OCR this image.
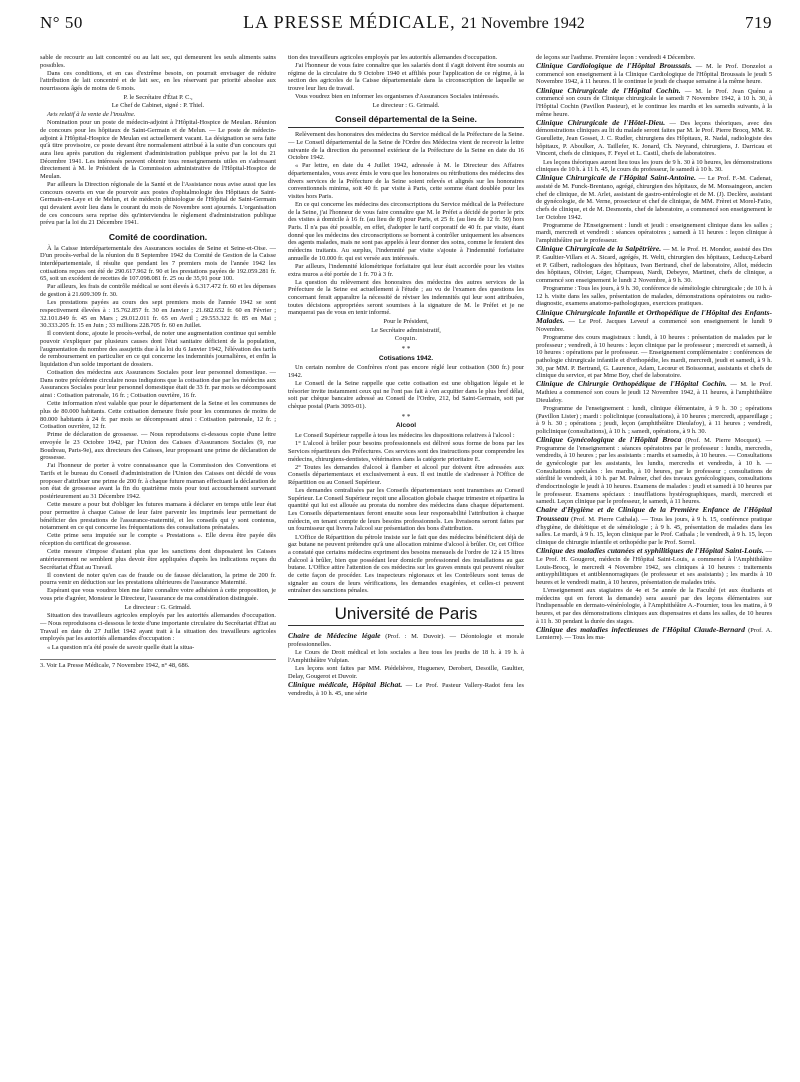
N° 50	LA PRESSE MÉDICALE, 21 Novembre 1942	719

sable de recourir au lait concentré ou au lait sec, qui demeurent les seuls aliments sains possibles.

Dans ces conditions, et en cas d'extrême besoin, on pourrait envisager de réduire l'attribution de lait concentré et de lait sec, en les réservant par priorité absolue aux nourrissons âgés de moins de 6 mois.

P. le Secrétaire d'État P. C.,

Le Chef de Cabinet, signé : P. Thiel.

Avis relatif à la vente de l'insuline.

Nomination pour un poste de médecin-adjoint à l'Hôpital-Hospice de Meulan. Réunion de concours pour les hôpitaux de Saint-Germain et de Melun. — Le poste de médecin-adjoint à l'Hôpital-Hospice de Meulan est actuellement vacant. La désignation se sera faite qu'à titre provisoire, ce poste devant être normalement attribué à la suite d'un concours qui aura lieu après parution du règlement d'administration publique prévu par la loi du 21 Décembre 1941. Les intéressés peuvent obtenir tous renseignements utiles en s'adressant directement à M. le Président de la Commission administrative de l'Hôpital-Hospice de Meulan.

Par ailleurs la Direction régionale de la Santé et de l'Assistance nous avise aussi que les concours ouverts en vue de pourvoir aux postes d'ophtalmologie des Hôpitaux de Saint-Germain-en-Laye et de Melun, et de médecin phtisiologue de l'Hôpital de Saint-Germain qui devaient avoir lieu dans le courant du mois de Novembre sont ajournés. L'organisation de ces concours sera reprise dès qu'interviendra le règlement d'administration publique prévu par la loi du 21 Décembre 1941.

Comité de coordination.

À la Caisse interdépartementale des Assurances sociales de Seine et Seine-et-Oise. — D'un procès-verbal de la réunion du 8 Septembre 1942 du Comité de Gestion de la Caisse interdépartementale, il résulte que pendant les 7 premiers mois de l'année 1942 les cotisations reçues ont été de 290.617.962 fr. 90 et les prestations payées de 192.059.281 fr. 65, soit un excédent de recettes de 107.098.081 fr. 25 ou de 35,91 pour 100.

Par ailleurs, les frais de contrôle médical se sont élevés à 6.317.472 fr. 60 et les dépenses de gestion à 21.609.309 fr. 30.

Les prestations payées au cours des sept premiers mois de l'année 1942 se sont respectivement élevées à : 15.762.857 fr. 30 en Janvier ; 21.682.652 fr. 60 en Février ; 32.101.849 fr. 45 en Mars ; 29.012.011 fr. 65 en Avril ; 29.553.322 fr. 85 en Mai ; 30.333.205 fr. 15 en Juin ; 33 millions 228.705 fr. 60 en Juillet.

Il convient donc, ajoute le procès-verbal, de noter une augmentation continue qui semble pouvoir s'expliquer par plusieurs causes dont l'état sanitaire déficient de la population, l'augmentation du nombre des assujettis due à la loi du 6 Janvier 1942, l'élévation des tarifs de remboursement en particulier en ce qui concerne les indemnités journalières, et enfin la liquidation d'un solde important de dossiers.

Cotisation des médecins aux Assurances Sociales pour leur personnel domestique. — Dans notre précédente circulaire nous indiquions que la cotisation due par les médecins aux Assurances Sociales pour leur personnel domestique était de 33 fr. par mois se décomposant ainsi : Cotisation patronale, 16 fr. ; Cotisation ouvrière, 16 fr.

Cette information n'est valable que pour le département de la Seine et les communes de plus de 80.000 habitants. Cette cotisation demeure fixée pour les communes de moins de 80.000 habitants à 24 fr. par mois se décomposant ainsi : Cotisation patronale, 12 fr. ; Cotisation ouvrière, 12 fr.

Prime de déclaration de grossesse. — Nous reproduisons ci-dessous copie d'une lettre envoyée le 23 Octobre 1942, par l'Union des Caisses d'Assurances Sociales (9, rue Boudreau, Paris-9e), aux directeurs des Caisses, leur proposant une prime de déclaration de grossesse.

J'ai l'honneur de porter à votre connaissance que la Commission des Conventions et Tarifs et le bureau du Conseil d'administration de l'Union des Caisses ont décidé de vous proposer d'attribuer une prime de 200 fr. à chaque future maman effectuant la déclaration de son état de grossesse avant la fin du quatrième mois pour tout accouchement survenant postérieurement au 31 Décembre 1942.

Cette mesure a pour but d'obliger les futures mamans à déclarer en temps utile leur état pour permettre à chaque Caisse de leur faire parvenir les imprimés leur permettant de bénéficier des prestations de l'assurance-maternité, et les conseils qui y sont contenus, notamment en ce qui concerne les fréquentations des consultations prénatales.

Cette prime sera imputée sur le compte « Prestations ». Elle devra être payée dès réception du certificat de grossesse.

Cette mesure s'impose d'autant plus que les sanctions dont disposaient les Caisses antérieurement ne semblent plus devoir être appliquées d'après les indications reçues du Secrétariat d'État au Travail.

Il convient de noter qu'en cas de fraude ou de fausse déclaration, la prime de 200 fr. pourra venir en déduction sur les prestations ultérieures de l'assurance Maternité.

Espérant que vous voudrez bien me faire connaître votre adhésion à cette proposition, je vous prie d'agréer, Monsieur le Directeur, l'assurance de ma considération distinguée.

Le directeur : G. Grimald.

Situation des travailleurs agricoles employés par les autorités allemandes d'occupation. — Nous reproduisons ci-dessous le texte d'une importante circulaire du Secrétariat d'État au Travail en date du 27 Juillet 1942 ayant trait à la situation des travailleurs agricoles employés par les autorités allemandes d'occupation :

« La question m'a été posée de savoir quelle était la situa-

3. Voir La Presse Médicale, 7 Novembre 1942, n° 48, 686.

tion des travailleurs agricoles employés par les autorités allemandes d'occupation.

J'ai l'honneur de vous faire connaître que les salariés dont il s'agit doivent être soumis au régime de la circulaire du 9 Octobre 1940 et affiliés pour l'application de ce régime, à la section des agricoles de la Caisse départementale dans la circonscription de laquelle se trouve leur lieu de travail.

Vous voudrez bien en informer les organismes d'Assurances Sociales intéressés.

Le directeur : G. Grimald.

Conseil départemental de la Seine.

Relèvement des honoraires des médecins du Service médical de la Préfecture de la Seine. — Le Conseil départemental de la Seine de l'Ordre des Médecins vient de recevoir la lettre suivante de la direction du personnel extérieur de la Préfecture de la Seine en date du 16 Octobre 1942.

« Par lettre, en date du 4 Juillet 1942, adressée à M. le Directeur des Affaires départementales, vous avez émis le vœu que les honoraires ou rétributions des médecins des divers services de la Préfecture de la Seine soient relevés et alignés sur les honoraires conventionnels minima, soit 40 fr. par visite à Paris, cette somme étant doublée pour les visites hors Paris.

En ce qui concerne les médecins des circonscriptions du Service médical de la Préfecture de la Seine, j'ai l'honneur de vous faire connaître que M. le Préfet a décidé de porter le prix des visites à domicile à 16 fr. (au lieu de 8) pour Paris, et 25 fr. (au lieu de 12 fr. 50) hors Paris. Il n'a pas été possible, en effet, d'adopter le tarif corporatif de 40 fr. par visite, étant donné que les médecins des circonscriptions se bornent à contrôler uniquement les absences des agents malades, mais ne sont pas appelés à leur donner des soins, comme le feraient des médecins traitants. Au surplus, l'indemnité par visite s'ajoute à l'indemnité forfaitaire annuelle de 10.000 fr. qui est versée aux intéressés.

Par ailleurs, l'indemnité kilométrique forfaitaire qui leur était accordée pour les visites extra muros a été portée de 1 fr. 70 à 3 fr.

La question du relèvement des honoraires des médecins des autres services de la Préfecture de la Seine est actuellement à l'étude ; au vu de l'examen des questions les concernant ferait apparaître la nécessité de réviser les indemnités qui leur sont attribuées, toutes décisions appropriées seront soumises à la signature de M. le Préfet et je ne manquerai pas de vous en tenir informé.

Pour le Président,

Le Secrétaire administratif,

Coquin.

* *

Cotisations 1942.

Un certain nombre de Confrères n'ont pas encore réglé leur cotisation (300 fr.) pour 1942.

Le Conseil de la Seine rappelle que cette cotisation est une obligation légale et le trésorier invite instamment ceux qui ne l'ont pas fait à s'en acquitter dans le plus bref délai, soit par chèque bancaire adressé au Conseil de l'Ordre, 212, bd Saint-Germain, soit par chèque postal (Paris 3093-01).

* *

Alcool

Le Conseil Supérieur rappelle à tous les médecins les dispositions relatives à l'alcool :

1° L'alcool à brûler pour besoins professionnels est délivré sous forme de bons par les Services répartiteurs des Préfectures. Ces services sont des instructions pour comprendre les médecins, chirurgiens-dentistes, vétérinaires dans la catégorie prioritaire E.

2° Toutes les demandes d'alcool à flamber et alcool pur doivent être adressées aux Conseils départementaux et exclusivement à eux. Il est inutile de s'adresser à l'Office de Répartition ou au Conseil Supérieur.

Les demandes centralisées par les Conseils départementaux sont transmises au Conseil Supérieur. Le Conseil Supérieur reçoit une allocation globale chaque trimestre et répartira la quantité qui lui est allouée au prorata du nombre des médecins dans chaque département. Les Conseils départementaux feront ensuite sous leur responsabilité l'attribution à chaque médecin, en tenant compte de leurs besoins professionnels. Les livraisons seront faites par un fournisseur qui livrera l'alcool sur présentation des bons d'attribution.

L'Office de Répartition du pétrole insiste sur le fait que des médecins bénéficient déjà de gaz butane ne peuvent prétendre qu'à une allocation minime d'alcool à brûler. Or, cet Office a constaté que certains médecins expriment des besoins mensuels de l'ordre de 12 à 15 litres d'alcool à brûler, bien que possédant leur domicile professionnel des installations au gaz butane. L'Office attire l'attention de ces médecins sur les graves ennuis qui peuvent résulter de cette façon de procéder. Les inspecteurs régionaux et les Contrôleurs sont tenus de signaler au cours de leurs vérifications, les demandes exagérées, et celles-ci peuvent entraîner des sanctions pénales.

Université de Paris

Chaire de Médecine légale (Prof. : M. Duvoir). — Déontologie et morale professionnelles.

Le Cours de Droit médical et lois sociales a lieu tous les jeudis de 18 h. à 19 h. à l'Amphithéâtre Vulpian.

Les leçons sont faites par MM. Piédelièvre, Huguenev, Derobert, Desoille, Gaultier, Delay, Gougerot et Duvoir.

Clinique médicale, Hôpital Bichat. — Le Prof. Pasteur Vallery-Radot fera les vendredis, à 10 h. 45, une série

de leçons sur l'asthme. Première leçon : vendredi 4 Décembre.

Clinique Cardiologique de l'Hôpital Broussais. — M. le Prof. Donzelot a commencé son enseignement à la Clinique Cardiologique de l'Hôpital Broussais le jeudi 5 Novembre 1942, à 11 heures. Il le continue le jeudi de chaque semaine à la même heure.

Clinique Chirurgicale de l'Hôpital Cochin. — M. le Prof. Jean Quénu a commencé son cours de Clinique chirurgicale le samedi 7 Novembre 1942, à 10 h. 30, à l'Hôpital Cochin (Pavillon Pasteur), et le continue les mardis et les samedis suivants, à la même heure.

Clinique Chirurgicale de l'Hôtel-Dieu. — Des leçons théoriques, avec des démonstrations cliniques au lit du malade seront faites par M. le Prof. Pierre Brocq, MM. R. Gueullette, Jean Gosset, J. C. Rudler, chirurgiens des Hôpitaux, R. Nadal, radiologiste des hôpitaux, P. Aboulker, A. Taillefer, K. Jonard, Ch. Neyrand, chirurgiens, J. Darricau et Vincent, chefs de cliniques, F. Feyel et L. Castil, chefs de laboratoires.

Les leçons théoriques auront lieu tous les jours de 9 h. 30 à 10 heures, les démonstrations cliniques de 10 h. à 11 h. 45, le cours du professeur, le samedi à 10 h. 30.

Clinique Chirurgicale de l'Hôpital Saint-Antoine. — Le Prof. F.-M. Cadenat, assisté de M. Funck-Brentano, agrégé, chirurgien des hôpitaux, de M. Monsaingeon, ancien chef de clinique, de M. Arlet, assistant de gastro-entérologie et de M. (J). Declère, assistant de gynécologie, de M. Verne, prosecteur et chef de clinique, de MM. Frèret et Morel-Fatio, chefs de clinique, et de M. Desmonts, chef de laboratoire, a commencé son enseignement le 1er Octobre 1942.

Programme de l'Enseignement : lundi et jeudi : enseignement clinique dans les salles ; mardi, mercredi et vendredi : séances opératoires ; samedi à 11 heures : leçon clinique à l'amphithéâtre par le professeur.

Clinique Chirurgicale de la Salpêtrière. — M. le Prof. H. Mondor, assisté des Drs P. Gaultier-Villars et A. Sicard, agrégés, H. Welti, chirurgien des hôpitaux, Leducq-Lebard et P. Gilbert, radiologues des hôpitaux, Ivan Bertrand, chef de laboratoire, Allot, médecin des hôpitaux, Olivier, Léger, Champeau, Nardi, Debeyre, Martinet, chefs de clinique, a commencé son enseignement le lundi 2 Novembre, à 9 h. 30.

Programme : Tous les jours, à 9 h. 30, conférence de séméiologie chirurgicale ; de 10 h. à 12 h. visite dans les salles, présentation de malades, démonstrations opératoires ou radio-diagnostic, examens anatomo-pathologiques, exercices pratiques.

Clinique Chirurgicale Infantile et Orthopédique de l'Hôpital des Enfants-Malades. — Le Prof. Jacques Leveuf a commencé son enseignement le lundi 9 Novembre.

Programme des cours magistraux : lundi, à 10 heures : présentation de malades par le professeur ; vendredi, à 10 heures : leçon clinique par le professeur ; mercredi et samedi, à 10 heures : opérations par le professeur. — Enseignement complémentaire : conférences de pathologie chirurgicale infantile et d'orthopédie, les mardi, mercredi, jeudi et samedi, à 9 h. 30, par MM. P. Bertrand, G. Laurence, Adam, Lecœur et Boissonnat, assistants et chefs de clinique du service, et par Mme Boy, chef de laboratoire.

Clinique de Chirurgie Orthopédique de l'Hôpital Cochin. — M. le Prof. Mathieu a commencé son cours le jeudi 12 Novembre 1942, à 11 heures, à l'amphithéâtre Dieulafoy.

Programme de l'enseignement : lundi, clinique élémentaire, à 9 h. 30 ; opérations (Pavillon Lister) ; mardi : policlinique (consultations), à 10 heures ; mercredi, appareillage ; à 9 h. 30 ; opérations ; jeudi, leçon (amphithéâtre Dieulafoy), à 11 heures ; vendredi, policlinique (consultations), à 10 h. ; samedi, opérations, à 9 h. 30.

Clinique Gynécologique de l'Hôpital Broca (Prof. M. Pierre Mocquot). — Programme de l'enseignement : séances opératoires par le professeur : lundis, mercredis, vendredis, à 10 heures ; par les assistants : mardis et samedis, à 10 heures. — Consultations de gynécologie par les assistants, les lundis, mercredis et vendredis, à 10 h. — Consultations spéciales : les mardis, à 10 heures, par le professeur ; consultations de stérilité le vendredi, à 10 h. par M. Palmer, chef des travaux gynécologiques, consultations d'endocrinologie le jeudi à 10 heures. Examens de malades : jeudi et samedi à 10 heures par le professeur. Examens spéciaux : insufflations hystérographiques, mardi, mercredi et samedi. Leçon clinique par le professeur, le samedi, à 11 heures.

Chaire d'Hygiène et de Clinique de la Première Enfance de l'Hôpital Trousseau (Prof. M. Pierre Cathala). — Tous les jours, à 9 h. 15, conférence pratique d'hygiène, de diététique et de séméiologie ; à 9 h. 45, présentation de malades dans les salles. Le mardi, à 9 h. 15, leçon clinique par le Prof. Cathala ; le vendredi, à 9 h. 15, leçon clinique de chirurgie infantile et orthopédie par le Prof. Sorrel.

Clinique des maladies cutanées et syphilitiques de l'Hôpital Saint-Louis. — Le Prof. H. Gougerot, médecin de l'Hôpital Saint-Louis, a commencé à l'Amphithéâtre Louis-Brocq, le mercredi 4 Novembre 1942, ses cliniques à 10 heures : traitements antisyphilitiques et antiblennorragiques (le professeur et ses assistants) ; les mardis à 10 heures et le vendredi matin, à 10 heures, présentation de malades triés.

L'enseignement aux stagiaires de 4e et 5e année de la Faculté (et aux étudiants et médecins qui en feront la demande) sera assuré par des leçons élémentaires sur l'indispensable en dermato-vénéréologie, à l'Amphithéâtre A.-Fournier, tous les matins, à 9 heures, et par des démonstrations cliniques aux dispensaires et dans les salles, de 10 heures à 11 h. 30 pendant la durée des stages.

Clinique des maladies infectieuses de l'Hôpital Claude-Bernard (Prof. A. Lemierre). — Tous les ma-
